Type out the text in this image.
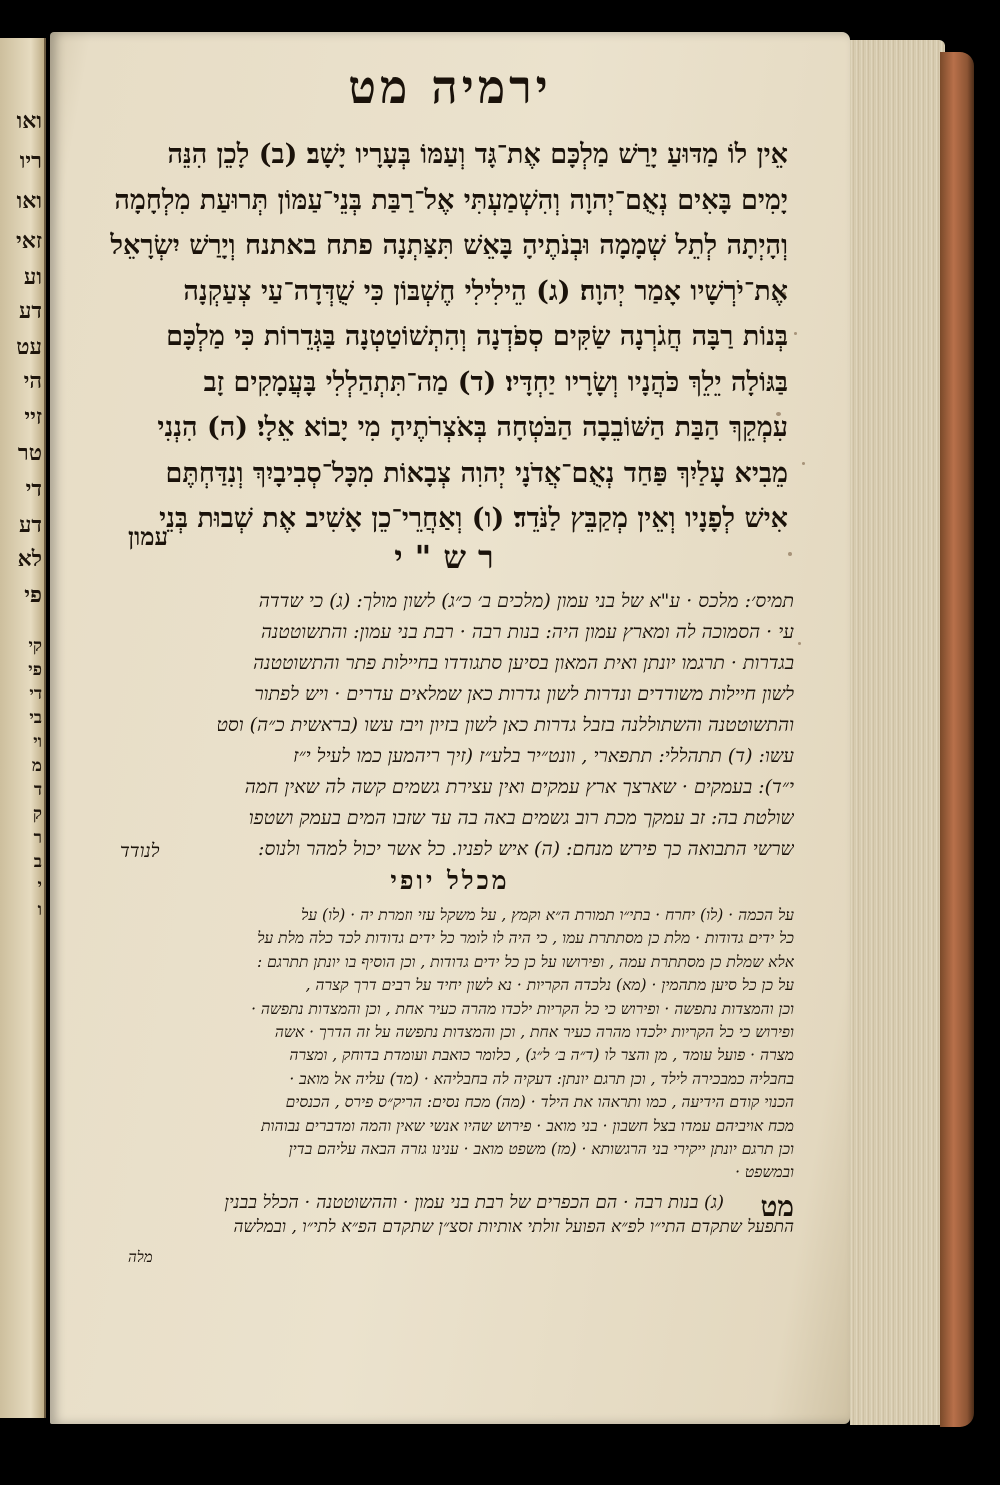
ואו
ריו
ואו
זאי
וע
דע
עט
הי
זיי
טר
די
דע
לא
פי
קי
פי
די
בי
וי
מ
ד
ק
ר
ב
י
ו
ירמיה מט
אֵין לוֹ מַדּוּעַ יָרַשׁ מַלְכָּם אֶת־גָּד וְעַמּוֹ בְּעָרָיו יָשָׁב׃ (ב) לָכֵן הִנֵּה
יָמִים בָּאִים נְאֻם־יְהוָה וְהִשְׁמַעְתִּי אֶל־רַבַּת בְּנֵי־עַמּוֹן תְּרוּעַת מִלְחָמָה
וְהָיְתָה לְתֵל שְׁמָמָה וּבְנֹתֶיהָ בָּאֵשׁ תִּצַּתְנָה פתח באתנח וְיָרַשׁ יִשְׂרָאֵל
אֶת־יֹרְשָׁיו אָמַר יְהוָה׃ (ג) הֵילִילִי חֶשְׁבּוֹן כִּי שֻׁדְּדָה־עַי צְעַקְנָה
בְּנוֹת רַבָּה חֲגֹרְנָה שַׂקִּים סְפֹדְנָה וְהִתְשׁוֹטַטְנָה בַּגְּדֵרוֹת כִּי מַלְכָּם
בַּגּוֹלָה יֵלֵךְ כֹּהֲנָיו וְשָׂרָיו יַחְדָּיו׃ (ד) מַה־תִּתְהַלְלִי בָּעֲמָקִים זָב
עִמְקֵךְ הַבַּת הַשּׁוֹבֵבָה הַבֹּטְחָה בְּאֹצְרֹתֶיהָ מִי יָבוֹא אֵלָי׃ (ה) הִנְנִי
מֵבִיא עָלַיִךְ פַּחַד נְאֻם־אֲדֹנָי יְהוִה צְבָאוֹת מִכָּל־סְבִיבָיִךְ וְנִדַּחְתֶּם
אִישׁ לְפָנָיו וְאֵין מְקַבֵּץ לַנֹּדֵד׃ (ו) וְאַחֲרֵי־כֵן אָשִׁיב אֶת שְׁבוּת בְּנֵי
עמון
רש"י
תמיס׳: מלכס · ע"א של בני עמון (מלכים ב׳ כ״ג) לשון מולך: (ג) כי שדדה
עי · הסמוכה לה ומארץ עמון היה: בנות רבה · רבת בני עמון: והתשוטטנה
בגדרות · תרגמו יונתן ואית המאון בסיען סתגודדו בחיילות פתר והתשוטטנה
לשון חיילות משודדים ונדרות לשון גדרות כאן שמלאים עדרים · ויש לפתור
והתשוטטנה והשתוללנה בזבל גדרות כאן לשון בזיון ויבז עשו (בראשית כ״ה) וסט
עשו: (ד) תתהללי: תתפארי , וונט״יר בלע״ז (זיך ריהמען כמו לעיל י״ז
י״ד): בעמקים · שארצך ארץ עמקים ואין עצירת גשמים קשה לה שאין חמה
שולטת בה: זב עמקך מכת רוב גשמים באה בה עד שזבו המים בעמק ושטפו
שרשי התבואה כך פירש מנחם: (ה) איש לפניו. כל אשר יכול למהר ולנוס:
לנודד
מכלל יופי
על הכמה · (לו) יחרח · בתי״ו תמורת ה״א וקמץ , על משקל עזי וזמרת יה · (לו) על
כל ידים גדודות · מלת כן מסתתרת עמו , כי היה לו לומר כל ידים גדודות לכד כלה מלת על
אלא שמלת כן מסתתרת עמה , ופירושו על כן כל ידים גדודות , וכן הוסיף בו יונתן תתרגם :
על כן כל סיען מתהמין · (מא) נלכדה הקריות · נא לשון יחיד על רבים דרך קצרה ,
וכן והמצדות נתפשה · ופירוש כי כל הקריות ילכדו מהרה כעיר אחת , וכן והמצדות נתפשה ·
ופירוש כי כל הקריות ילכדו מהרה כעיר אחת , וכן והמצדות נתפשה על זה הדרך · אשה
מצרה · פועל עומד , מן והצר לו (ד״ה ב׳ ל״ג) , כלומר כואבת ועומדת בדוחק , ומצרה
בחבליה כמבכירה לילד , וכן תרגם יונתן: דעקיה לה בחבליהא · (מד) עליה אל מואב ·
הכנוי קודם הידיעה , כמו ותראהו את הילד · (מה) מכח נסים: הריק״ס פירס , הכנסים
מכח אויביהם עמדו בצל חשבון · בני מואב · פירוש שהיו אנשי שאין והמה ומדברים נבוהות
וכן תרגם יונתן ייקירי בני הרגשותא · (מז) משפט מואב · ענינו גזרה הבאה עליהם בדין
ובמשפט ·
מט
(ג) בנות רבה · הם הכפרים של רבת בני עמון · וההשוטטנה · הכלל בבנין
התפעל שתקדם התי״ו לפ״א הפועל זולתי אותיות זסצ״ן שתקדם הפ״א לתי״ו , ובמלשה
מלה
